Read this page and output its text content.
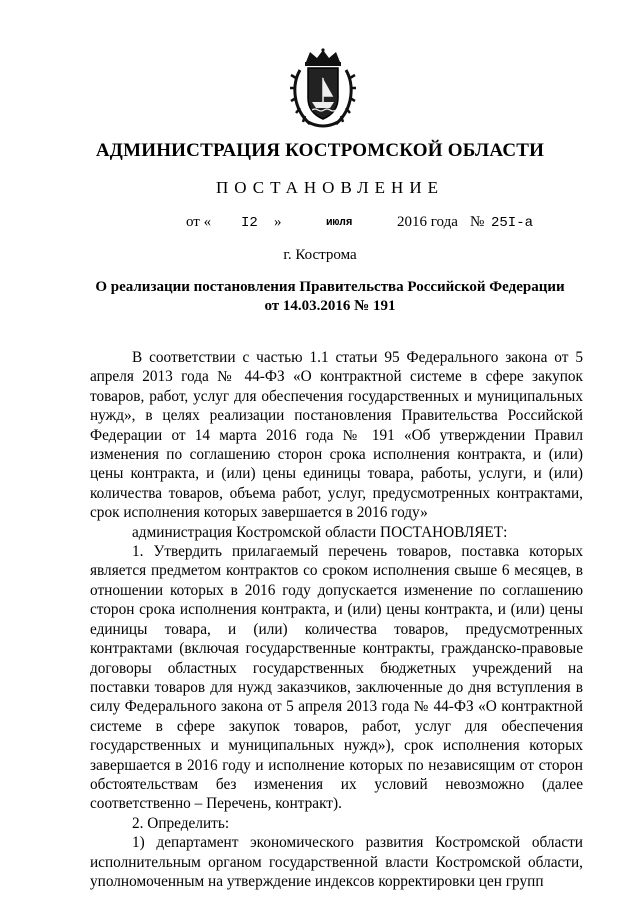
АДМИНИСТРАЦИЯ КОСТРОМСКОЙ ОБЛАСТИ
ПОСТАНОВЛЕНИЕ
от « I2 »	июля	2016 года № 25I-а
г. Кострома
О реализации постановления Правительства Российской Федерации
от 14.03.2016 № 191

В соответствии с частью 1.1 статьи 95 Федерального закона от 5 апреля 2013 года № 44-ФЗ «О контрактной системе в сфере закупок товаров, работ, услуг для обеспечения государственных и муниципальных нужд», в целях реализации постановления Правительства Российской Федерации от 14 марта 2016 года № 191 «Об утверждении Правил изменения по соглашению сторон срока исполнения контракта, и (или) цены контракта, и (или) цены единицы товара, работы, услуги, и (или) количества товаров, объема работ, услуг, предусмотренных контрактами, срок исполнения которых завершается в 2016 году»

администрация Костромской области ПОСТАНОВЛЯЕТ:

1. Утвердить прилагаемый перечень товаров, поставка которых является предметом контрактов со сроком исполнения свыше 6 месяцев, в отношении которых в 2016 году допускается изменение по соглашению сторон срока исполнения контракта, и (или) цены контракта, и (или) цены единицы товара, и (или) количества товаров, предусмотренных контрактами (включая государственные контракты, гражданско-правовые договоры областных государственных бюджетных учреждений на поставки товаров для нужд заказчиков, заключенные до дня вступления в силу Федерального закона от 5 апреля 2013 года № 44-ФЗ «О контрактной системе в сфере закупок товаров, работ, услуг для обеспечения государственных и муниципальных нужд»), срок исполнения которых завершается в 2016 году и исполнение которых по независящим от сторон обстоятельствам без изменения их условий невозможно (далее соответственно – Перечень, контракт).

2. Определить:

1) департамент экономического развития Костромской области исполнительным органом государственной власти Костромской области, уполномоченным на утверждение индексов корректировки цен групп
